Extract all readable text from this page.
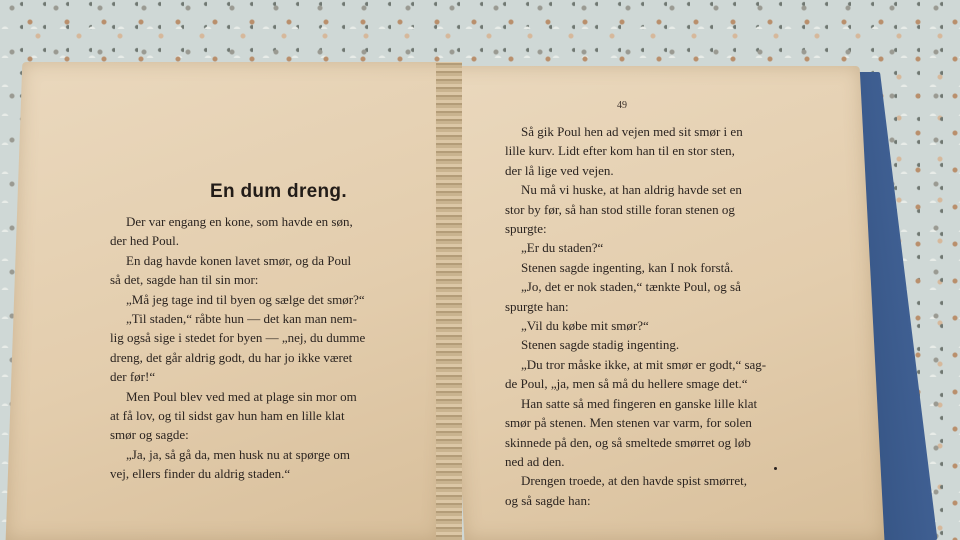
En dum dreng.
Der var engang en kone, som havde en søn,
der hed Poul.
En dag havde konen lavet smør, og da Poul
så det, sagde han til sin mor:
„Må jeg tage ind til byen og sælge det smør?“
„Til staden,“ råbte hun — det kan man nem-
lig også sige i stedet for byen — „nej, du dumme
dreng, det går aldrig godt, du har jo ikke været
der før!“
Men Poul blev ved med at plage sin mor om
at få lov, og til sidst gav hun ham en lille klat
smør og sagde:
„Ja, ja, så gå da, men husk nu at spørge om
vej, ellers finder du aldrig staden.“
49
Så gik Poul hen ad vejen med sit smør i en
lille kurv. Lidt efter kom han til en stor sten,
der lå lige ved vejen.
Nu må vi huske, at han aldrig havde set en
stor by før, så han stod stille foran stenen og
spurgte:
„Er du staden?“
Stenen sagde ingenting, kan I nok forstå.
„Jo, det er nok staden,“ tænkte Poul, og så
spurgte han:
„Vil du købe mit smør?“
Stenen sagde stadig ingenting.
„Du tror måske ikke, at mit smør er godt,“ sag-
de Poul, „ja, men så må du hellere smage det.“
Han satte så med fingeren en ganske lille klat
smør på stenen. Men stenen var varm, for solen
skinnede på den, og så smeltede smørret og løb
ned ad den.
Drengen troede, at den havde spist smørret,
og så sagde han:
